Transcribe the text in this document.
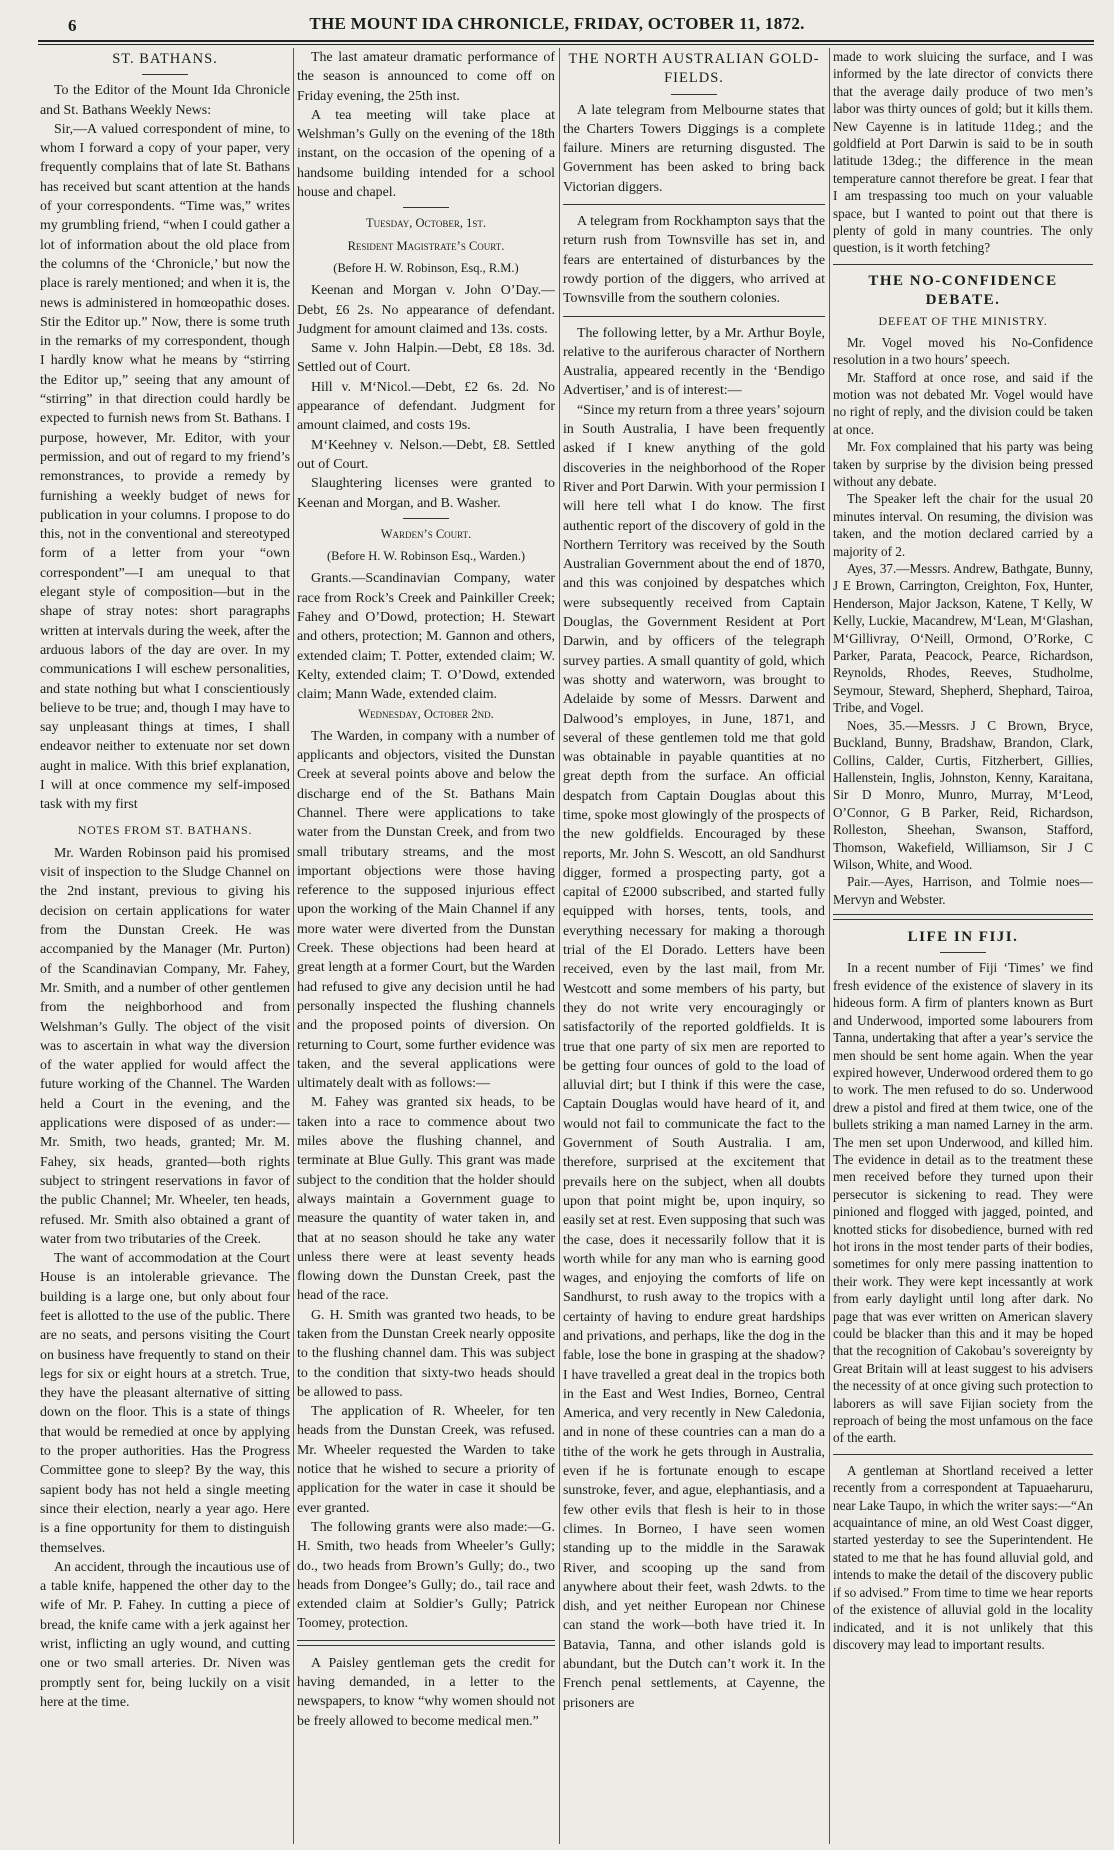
6	THE MOUNT IDA CHRONICLE, FRIDAY, OCTOBER 11, 1872.
ST. BATHANS.

To the Editor of the Mount Ida Chronicle and St. Bathans Weekly News:

Sir,—A valued correspondent of mine, to whom I forward a copy of your paper, very frequently complains that of late St. Bathans has received but scant attention at the hands of your correspondents. “Time was,” writes my grumbling friend, “when I could gather a lot of information about the old place from the columns of the ‘Chronicle,’ but now the place is rarely mentioned; and when it is, the news is administered in homœopathic doses. Stir the Editor up.” Now, there is some truth in the remarks of my correspondent, though I hardly know what he means by “stirring the Editor up,” seeing that any amount of “stirring” in that direction could hardly be expected to furnish news from St. Bathans. I purpose, however, Mr. Editor, with your permission, and out of regard to my friend’s remonstrances, to provide a remedy by furnishing a weekly budget of news for publication in your columns. I propose to do this, not in the conventional and stereotyped form of a letter from your “own correspondent”—I am unequal to that elegant style of composition—but in the shape of stray notes: short paragraphs written at intervals during the week, after the arduous labors of the day are over. In my communications I will eschew personalities, and state nothing but what I conscientiously believe to be true; and, though I may have to say unpleasant things at times, I shall endeavor neither to extenuate nor set down aught in malice. With this brief explanation, I will at once commence my self-imposed task with my first

NOTES FROM ST. BATHANS.

Mr. Warden Robinson paid his promised visit of inspection to the Sludge Channel on the 2nd instant, previous to giving his decision on certain applications for water from the Dunstan Creek. He was accompanied by the Manager (Mr. Purton) of the Scandinavian Company, Mr. Fahey, Mr. Smith, and a number of other gentlemen from the neighborhood and from Welshman’s Gully. The object of the visit was to ascertain in what way the diversion of the water applied for would affect the future working of the Channel. The Warden held a Court in the evening, and the applications were disposed of as under:—Mr. Smith, two heads, granted; Mr. M. Fahey, six heads, granted—both rights subject to stringent reservations in favor of the public Channel; Mr. Wheeler, ten heads, refused. Mr. Smith also obtained a grant of water from two tributaries of the Creek.

The want of accommodation at the Court House is an intolerable grievance. The building is a large one, but only about four feet is allotted to the use of the public. There are no seats, and persons visiting the Court on business have frequently to stand on their legs for six or eight hours at a stretch. True, they have the pleasant alternative of sitting down on the floor. This is a state of things that would be remedied at once by applying to the proper authorities. Has the Progress Committee gone to sleep? By the way, this sapient body has not held a single meeting since their election, nearly a year ago. Here is a fine opportunity for them to distinguish themselves.

An accident, through the incautious use of a table knife, happened the other day to the wife of Mr. P. Fahey. In cutting a piece of bread, the knife came with a jerk against her wrist, inflicting an ugly wound, and cutting one or two small arteries. Dr. Niven was promptly sent for, being luckily on a visit here at the time.

The last amateur dramatic performance of the season is announced to come off on Friday evening, the 25th inst.

A tea meeting will take place at Welshman’s Gully on the evening of the 18th instant, on the occasion of the opening of a handsome building intended for a school house and chapel.

Tuesday, October, 1st.
Resident Magistrate’s Court.
(Before H. W. Robinson, Esq., R.M.)

Keenan and Morgan v. John O’Day.—Debt, £6 2s. No appearance of defendant. Judgment for amount claimed and 13s. costs.

Same v. John Halpin.—Debt, £8 18s. 3d. Settled out of Court.

Hill v. M‘Nicol.—Debt, £2 6s. 2d. No appearance of defendant. Judgment for amount claimed, and costs 19s.

M‘Keehney v. Nelson.—Debt, £8. Settled out of Court.

Slaughtering licenses were granted to Keenan and Morgan, and B. Washer.

Warden’s Court.
(Before H. W. Robinson Esq., Warden.)

Grants.—Scandinavian Company, water race from Rock’s Creek and Painkiller Creek; Fahey and O’Dowd, protection; H. Stewart and others, protection; M. Gannon and others, extended claim; T. Potter, extended claim; W. Kelty, extended claim; T. O’Dowd, extended claim; Mann Wade, extended claim.

Wednesday, October 2nd.

The Warden, in company with a number of applicants and objectors, visited the Dunstan Creek at several points above and below the discharge end of the St. Bathans Main Channel. There were applications to take water from the Dunstan Creek, and from two small tributary streams, and the most important objections were those having reference to the supposed injurious effect upon the working of the Main Channel if any more water were diverted from the Dunstan Creek. These objections had been heard at great length at a former Court, but the Warden had refused to give any decision until he had personally inspected the flushing channels and the proposed points of diversion. On returning to Court, some further evidence was taken, and the several applications were ultimately dealt with as follows:—

M. Fahey was granted six heads, to be taken into a race to commence about two miles above the flushing channel, and terminate at Blue Gully. This grant was made subject to the condition that the holder should always maintain a Government guage to measure the quantity of water taken in, and that at no season should he take any water unless there were at least seventy heads flowing down the Dunstan Creek, past the head of the race.

G. H. Smith was granted two heads, to be taken from the Dunstan Creek nearly opposite to the flushing channel dam. This was subject to the condition that sixty-two heads should be allowed to pass.

The application of R. Wheeler, for ten heads from the Dunstan Creek, was refused. Mr. Wheeler requested the Warden to take notice that he wished to secure a priority of application for the water in case it should be ever granted.

The following grants were also made:—G. H. Smith, two heads from Wheeler’s Gully; do., two heads from Brown’s Gully; do., two heads from Dongee’s Gully; do., tail race and extended claim at Soldier’s Gully; Patrick Toomey, protection.

A Paisley gentleman gets the credit for having demanded, in a letter to the newspapers, to know “why women should not be freely allowed to become medical men.”

THE NORTH AUSTRALIAN GOLD-FIELDS.

A late telegram from Melbourne states that the Charters Towers Diggings is a complete failure. Miners are returning disgusted. The Government has been asked to bring back Victorian diggers.

A telegram from Rockhampton says that the return rush from Townsville has set in, and fears are entertained of disturbances by the rowdy portion of the diggers, who arrived at Townsville from the southern colonies.

The following letter, by a Mr. Arthur Boyle, relative to the auriferous character of Northern Australia, appeared recently in the ‘Bendigo Advertiser,’ and is of interest:—

“Since my return from a three years’ sojourn in South Australia, I have been frequently asked if I knew anything of the gold discoveries in the neighborhood of the Roper River and Port Darwin. With your permission I will here tell what I do know. The first authentic report of the discovery of gold in the Northern Territory was received by the South Australian Government about the end of 1870, and this was conjoined by despatches which were subsequently received from Captain Douglas, the Government Resident at Port Darwin, and by officers of the telegraph survey parties. A small quantity of gold, which was shotty and waterworn, was brought to Adelaide by some of Messrs. Darwent and Dalwood’s employes, in June, 1871, and several of these gentlemen told me that gold was obtainable in payable quantities at no great depth from the surface. An official despatch from Captain Douglas about this time, spoke most glowingly of the prospects of the new goldfields. Encouraged by these reports, Mr. John S. Wescott, an old Sandhurst digger, formed a prospecting party, got a capital of £2000 subscribed, and started fully equipped with horses, tents, tools, and everything necessary for making a thorough trial of the El Dorado. Letters have been received, even by the last mail, from Mr. Westcott and some members of his party, but they do not write very encouragingly or satisfactorily of the reported goldfields. It is true that one party of six men are reported to be getting four ounces of gold to the load of alluvial dirt; but I think if this were the case, Captain Douglas would have heard of it, and would not fail to communicate the fact to the Government of South Australia. I am, therefore, surprised at the excitement that prevails here on the subject, when all doubts upon that point might be, upon inquiry, so easily set at rest. Even supposing that such was the case, does it necessarily follow that it is worth while for any man who is earning good wages, and enjoying the comforts of life on Sandhurst, to rush away to the tropics with a certainty of having to endure great hardships and privations, and perhaps, like the dog in the fable, lose the bone in grasping at the shadow? I have travelled a great deal in the tropics both in the East and West Indies, Borneo, Central America, and very recently in New Caledonia, and in none of these countries can a man do a tithe of the work he gets through in Australia, even if he is fortunate enough to escape sunstroke, fever, and ague, elephantiasis, and a few other evils that flesh is heir to in those climes. In Borneo, I have seen women standing up to the middle in the Sarawak River, and scooping up the sand from anywhere about their feet, wash 2dwts. to the dish, and yet neither European nor Chinese can stand the work—both have tried it. In Batavia, Tanna, and other islands gold is abundant, but the Dutch can’t work it. In the French penal settlements, at Cayenne, the prisoners are

made to work sluicing the surface, and I was informed by the late director of convicts there that the average daily produce of two men’s labor was thirty ounces of gold; but it kills them. New Cayenne is in latitude 11deg.; and the goldfield at Port Darwin is said to be in south latitude 13deg.; the difference in the mean temperature cannot therefore be great. I fear that I am trespassing too much on your valuable space, but I wanted to point out that there is plenty of gold in many countries. The only question, is it worth fetching?

THE NO-CONFIDENCE DEBATE.
DEFEAT OF THE MINISTRY.

Mr. Vogel moved his No-Confidence resolution in a two hours’ speech.

Mr. Stafford at once rose, and said if the motion was not debated Mr. Vogel would have no right of reply, and the division could be taken at once.

Mr. Fox complained that his party was being taken by surprise by the division being pressed without any debate.

The Speaker left the chair for the usual 20 minutes interval. On resuming, the division was taken, and the motion declared carried by a majority of 2.

Ayes, 37.—Messrs. Andrew, Bathgate, Bunny, J E Brown, Carrington, Creighton, Fox, Hunter, Henderson, Major Jackson, Katene, T Kelly, W Kelly, Luckie, Macandrew, M‘Lean, M‘Glashan, M‘Gillivray, O‘Neill, Ormond, O’Rorke, C Parker, Parata, Peacock, Pearce, Richardson, Reynolds, Rhodes, Reeves, Studholme, Seymour, Steward, Shepherd, Shephard, Tairoa, Tribe, and Vogel.

Noes, 35.—Messrs. J C Brown, Bryce, Buckland, Bunny, Bradshaw, Brandon, Clark, Collins, Calder, Curtis, Fitzherbert, Gillies, Hallenstein, Inglis, Johnston, Kenny, Karaitana, Sir D Monro, Munro, Murray, M‘Leod, O’Connor, G B Parker, Reid, Richardson, Rolleston, Sheehan, Swanson, Stafford, Thomson, Wakefield, Williamson, Sir J C Wilson, White, and Wood.

Pair.—Ayes, Harrison, and Tolmie noes—Mervyn and Webster.

LIFE IN FIJI.

In a recent number of Fiji ‘Times’ we find fresh evidence of the existence of slavery in its hideous form. A firm of planters known as Burt and Underwood, imported some labourers from Tanna, undertaking that after a year’s service the men should be sent home again. When the year expired however, Underwood ordered them to go to work. The men refused to do so. Underwood drew a pistol and fired at them twice, one of the bullets striking a man named Larney in the arm. The men set upon Underwood, and killed him. The evidence in detail as to the treatment these men received before they turned upon their persecutor is sickening to read. They were pinioned and flogged with jagged, pointed, and knotted sticks for disobedience, burned with red hot irons in the most tender parts of their bodies, sometimes for only mere passing inattention to their work. They were kept incessantly at work from early daylight until long after dark. No page that was ever written on American slavery could be blacker than this and it may be hoped that the recognition of Cakobau’s sovereignty by Great Britain will at least suggest to his advisers the necessity of at once giving such protection to laborers as will save Fijian society from the reproach of being the most unfamous on the face of the earth.

A gentleman at Shortland received a letter recently from a correspondent at Tapuaeharuru, near Lake Taupo, in which the writer says:—“An acquaintance of mine, an old West Coast digger, started yesterday to see the Superintendent. He stated to me that he has found alluvial gold, and intends to make the detail of the discovery public if so advised.” From time to time we hear reports of the existence of alluvial gold in the locality indicated, and it is not unlikely that this discovery may lead to important results.
